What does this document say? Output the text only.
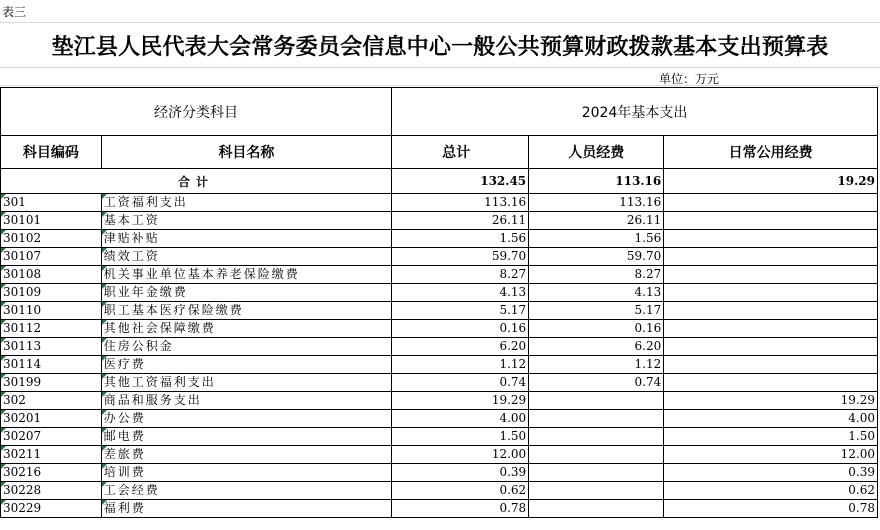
表三
垫江县人民代表大会常务委员会信息中心一般公共预算财政拨款基本支出预算表
单位：万元
经济分类科目		2024年基本支出		
科目编码	科目名称	总计	人员经费	日常公用经费
合计		132.45	113.16	19.29
301	工资福利支出	113.16	113.16	
30101	基本工资	26.11	26.11	
30102	津贴补贴	1.56	1.56	
30107	绩效工资	59.70	59.70	
30108	机关事业单位基本养老保险缴费	8.27	8.27	
30109	职业年金缴费	4.13	4.13	
30110	职工基本医疗保险缴费	5.17	5.17	
30112	其他社会保障缴费	0.16	0.16	
30113	住房公积金	6.20	6.20	
30114	医疗费	1.12	1.12	
30199	其他工资福利支出	0.74	0.74	
302	商品和服务支出	19.29		19.29
30201	办公费	4.00		4.00
30207	邮电费	1.50		1.50
30211	差旅费	12.00		12.00
30216	培训费	0.39		0.39
30228	工会经费	0.62		0.62
30229	福利费	0.78		0.78
